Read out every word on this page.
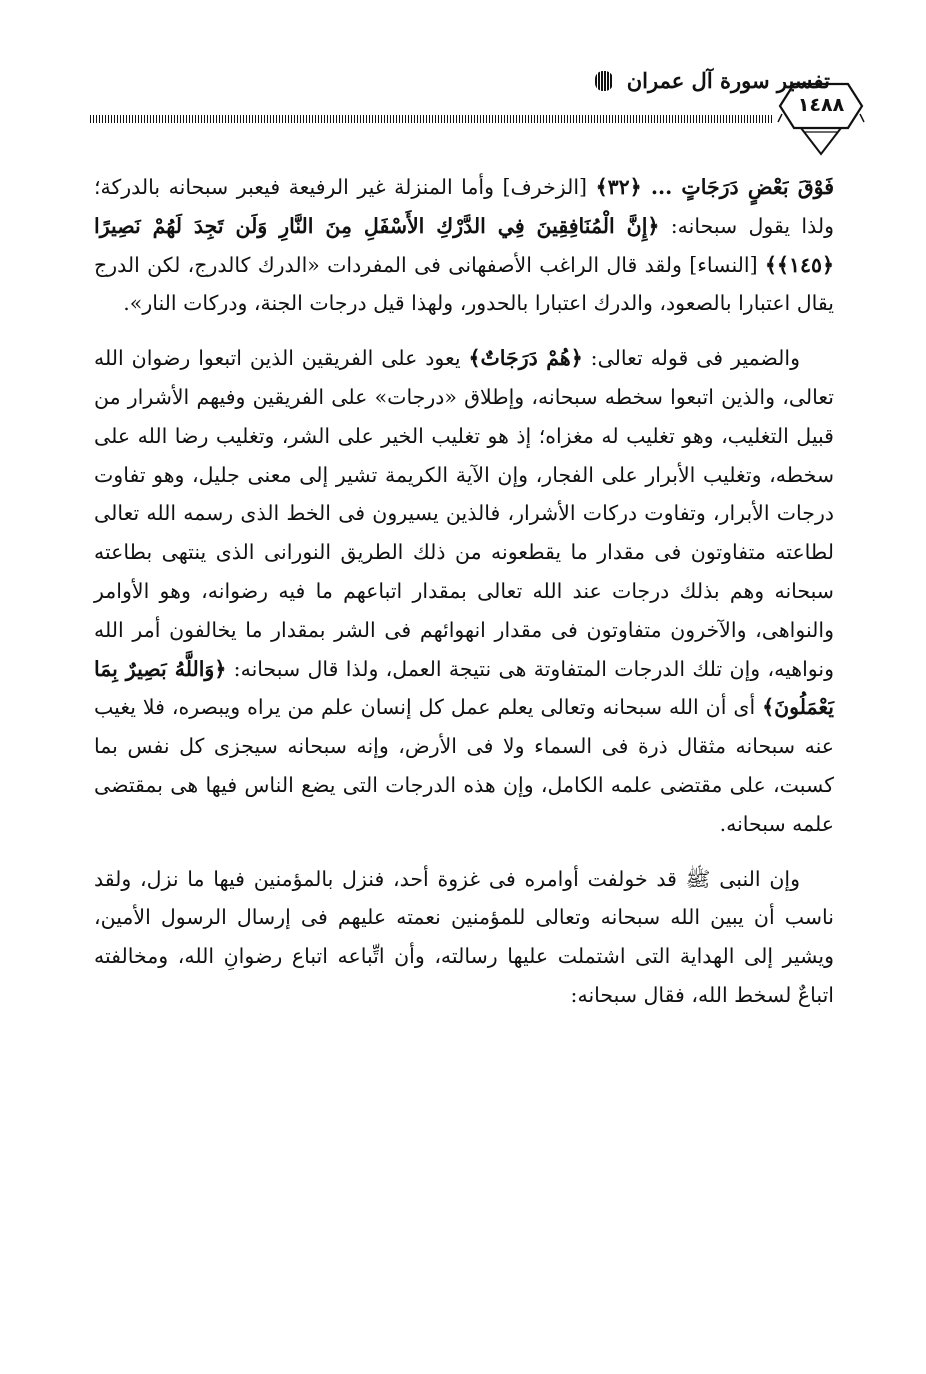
تفسير سورة آل عمران
١٤٨٨

فَوْقَ بَعْضٍ دَرَجَاتٍ ... ﴿٣٢﴾ [الزخرف] وأما المنزلة غير الرفيعة فيعبر سبحانه بالدركة؛ ولذا يقول سبحانه: ﴿إِنَّ الْمُنَافِقِينَ فِي الدَّرْكِ الأَسْفَلِ مِنَ النَّارِ وَلَن تَجِدَ لَهُمْ نَصِيرًا ﴿١٤٥﴾﴾ [النساء] ولقد قال الراغب الأصفهانى فى المفردات «الدرك كالدرج، لكن الدرج يقال اعتبارا بالصعود، والدرك اعتبارا بالحدور، ولهذا قيل درجات الجنة، ودركات النار».

والضمير فى قوله تعالى: ﴿هُمْ دَرَجَاتٌ﴾ يعود على الفريقين الذين اتبعوا رضوان الله تعالى، والذين اتبعوا سخطه سبحانه، وإطلاق «درجات» على الفريقين وفيهم الأشرار من قبيل التغليب، وهو تغليب له مغزاه؛ إذ هو تغليب الخير على الشر، وتغليب رضا الله على سخطه، وتغليب الأبرار على الفجار، وإن الآية الكريمة تشير إلى معنى جليل، وهو تفاوت درجات الأبرار، وتفاوت دركات الأشرار، فالذين يسيرون فى الخط الذى رسمه الله تعالى لطاعته متفاوتون فى مقدار ما يقطعونه من ذلك الطريق النورانى الذى ينتهى بطاعته سبحانه وهم بذلك درجات عند الله تعالى بمقدار اتباعهم ما فيه رضوانه، وهو الأوامر والنواهى، والآخرون متفاوتون فى مقدار انهوائهم فى الشر بمقدار ما يخالفون أمر الله ونواهيه، وإن تلك الدرجات المتفاوتة هى نتيجة العمل، ولذا قال سبحانه: ﴿وَاللَّهُ بَصِيرٌ بِمَا يَعْمَلُونَ﴾ أى أن الله سبحانه وتعالى يعلم عمل كل إنسان علم من يراه ويبصره، فلا يغيب عنه سبحانه مثقال ذرة فى السماء ولا فى الأرض، وإنه سبحانه سيجزى كل نفس بما كسبت، على مقتضى علمه الكامل، وإن هذه الدرجات التى يضع الناس فيها هى بمقتضى علمه سبحانه.

وإن النبى ﷺ قد خولفت أوامره فى غزوة أحد، فنزل بالمؤمنين فيها ما نزل، ولقد ناسب أن يبين الله سبحانه وتعالى للمؤمنين نعمته عليهم فى إرسال الرسول الأمين، ويشير إلى الهداية التى اشتملت عليها رسالته، وأن اتِّباعه اتباع رضوانِ الله، ومخالفته اتباعٌ لسخط الله، فقال سبحانه:
